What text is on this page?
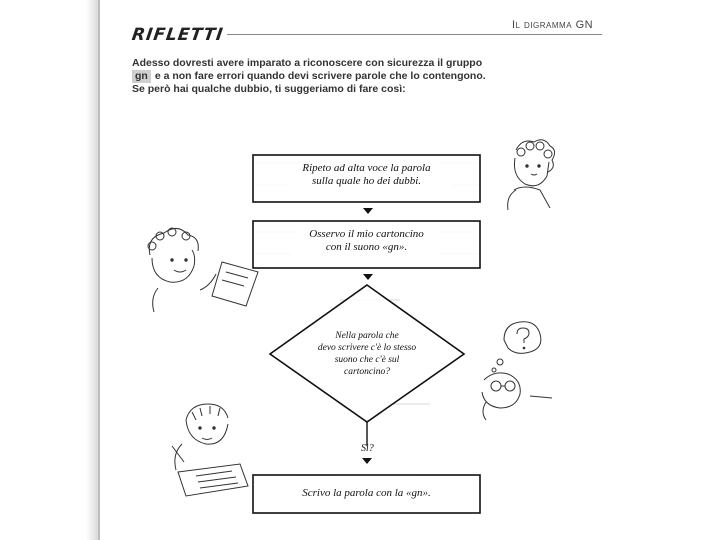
RIFLETTI	Il digramma GN
Adesso dovresti avere imparato a riconoscere con sicurezza il gruppo
gn e a non fare errori quando devi scrivere parole che lo contengono.
Se però hai qualche dubbio, ti suggeriamo di fare così:
Ripeto ad alta voce la parola
sulla quale ho dei dubbi.
Osservo il mio cartoncino
con il suono «gn».
Nella parola che
devo scrivere c'è lo stesso
suono che c'è sul
cartoncino?
Sì?
Scrivo la parola con la «gn».
